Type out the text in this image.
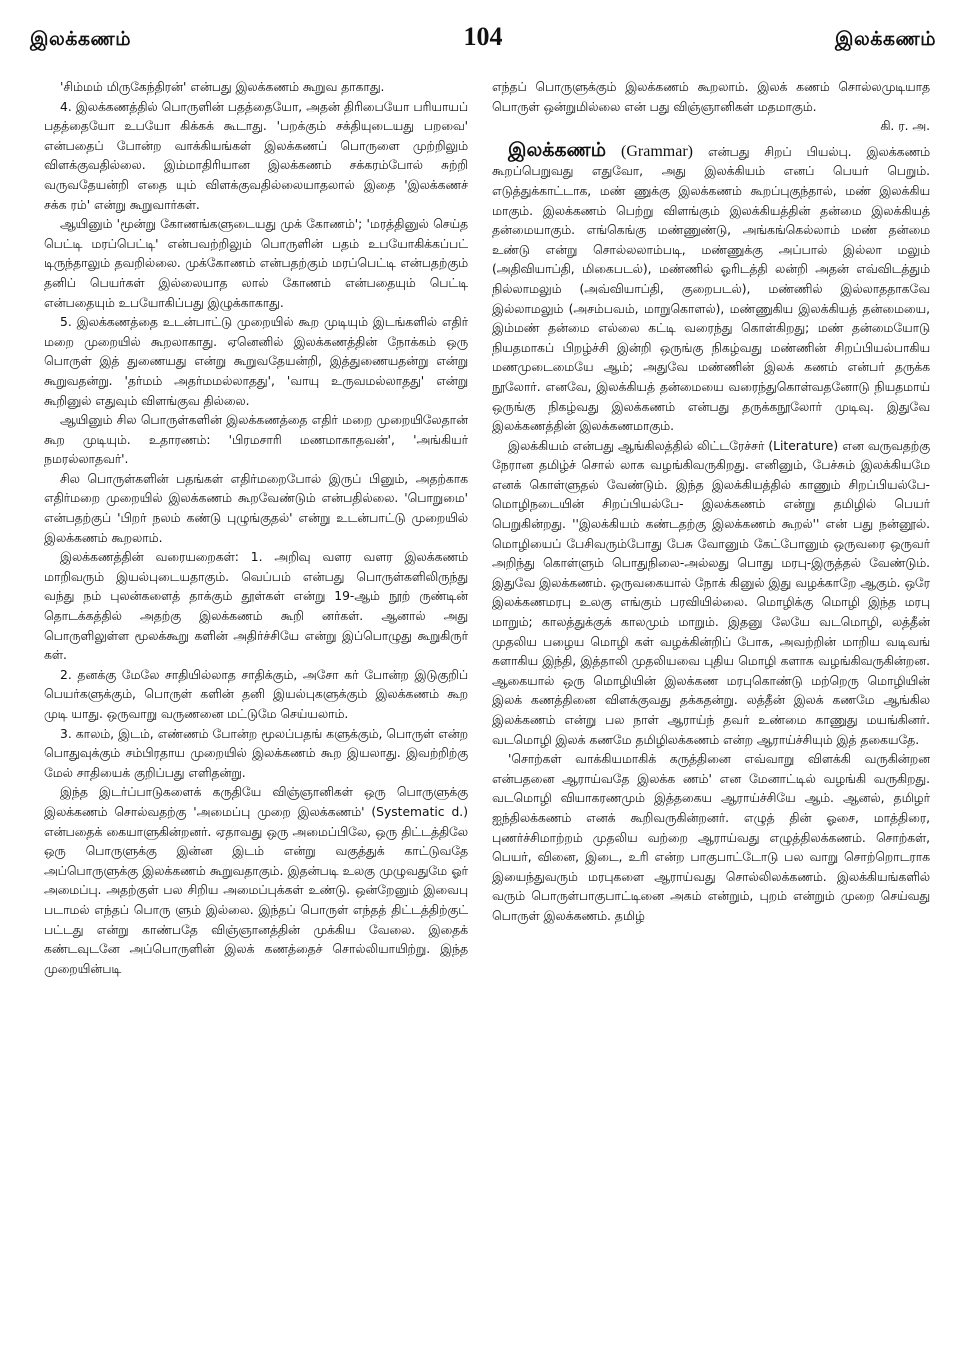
இலக்கணம்	104	இலக்கணம்

'சிம்மம் மிருகேந்திரன்' என்பது இலக்கணம் கூறுவ தாகாது.

4. இலக்கணத்தில் பொருளின் பதத்தையோ, அதன் திரிபையோ பரியாயப் பதத்தையோ உபயோ கிக்கக் கூடாது. 'பறக்கும் சக்தியுடையது பறவை' என்பதைப் போன்ற வாக்கியங்கள் இலக்கணப் பொருளை முற்றிலும் விளக்குவதில்லை. இம்மாதிரியான இலக்கணம் சக்கரம்போல் சுற்றி வருவதேயன்றி எதை யும் விளக்குவதில்லையாதலால் இதை 'இலக்கணச் சக்க ரம்' என்று கூறுவார்கள்.

ஆயினும் 'மூன்று கோணங்களுடையது முக் கோணம்'; 'மரத்தினுல் செய்த பெட்டி மரப்பெட்டி' என்பவற்றிலும் பொருளின் பதம் உபயோகிக்கப்பட் டிருந்தாலும் தவறில்லை. முக்கோணம் என்பதற்கும் மரப்பெட்டி என்பதற்கும் தனிப் பெயர்கள் இல்லையாத லால் கோணம் என்பதையும் பெட்டி என்பதையும் உபயோகிப்பது இழுக்காகாது.

5. இலக்கணத்தை உடன்பாட்டு முறையில் கூற முடியும் இடங்களில் எதிர் மறை முறையில் கூறலாகாது. ஏனெனில் இலக்கணத்தின் நோக்கம் ஒரு பொருள் இத் துணையது என்று கூறுவதேயன்றி, இத்துணையதன்று என்று கூறுவதன்று. 'தர்மம் அதர்மமல்லாதது', 'வாயு உருவமல்லாதது' என்று கூறினுல் எதுவும் விளங்குவ தில்லை.

ஆயினும் சில பொருள்களின் இலக்கணத்தை எதிர் மறை முறையிலேதான் கூற முடியும். உதாரணம்: 'பிரமசாரி மணமாகாதவன்', 'அங்கியர் நமரல்லாதவர்'.

சில பொருள்களின் பதங்கள் எதிர்மறைபோல் இருப் பினும், அதற்காக எதிர்மறை முறையில் இலக்கணம் கூறவேண்டும் என்பதில்லை. 'பொறுமை' என்பதற்குப் 'பிறர் நலம் கண்டு புழுங்குதல்' என்று உடன்பாட்டு முறையில் இலக்கணம் கூறலாம்.

இலக்கணத்தின் வரையறைகள்: 1. அறிவு வளர வளர இலக்கணம் மாறிவரும் இயல்புடையதாகும். வெப்பம் என்பது பொருள்களிலிருந்து வந்து நம் புலன்களைத் தாக்கும் தூள்கள் என்று 19-ஆம் நூற் ருண்டின் தொடக்கத்தில் அதற்கு இலக்கணம் கூறி னர்கள். ஆனால் அது பொருளிலுள்ள மூலக்கூறு களின் அதிர்ச்சியே என்று இப்பொழுது கூறுகிருர் கள்.

2. தனக்கு மேலே சாதியில்லாத சாதிக்கும், அசோ கர் போன்ற இடுகுறிப் பெயர்களுக்கும், பொருள் களின் தனி இயல்புகளுக்கும் இலக்கணம் கூற முடி யாது. ஒருவாறு வருணனை மட்டுமே செய்யலாம்.

3. காலம், இடம், எண்ணம் போன்ற மூலப்பதங் களுக்கும், பொருள் என்ற பொதுவுக்கும் சம்பிரதாய முறையில் இலக்கணம் கூற இயலாது. இவற்றிற்கு மேல் சாதியைக் குறிப்பது எளிதன்று.

இந்த இடர்ப்பாடுகளைக் கருதியே விஞ்ஞானிகள் ஒரு பொருளுக்கு இலக்கணம் சொல்வதற்கு 'அமைப்பு முறை இலக்கணம்' (Systematic d.) என்பதைக் கையாளுகின்றனர். ஏதாவது ஒரு அமைப்பிலே, ஒரு திட்டத்திலே ஒரு பொருளுக்கு இன்ன இடம் என்று வகுத்துக் காட்டுவதே அப்பொருளுக்கு இலக்கணம் கூறுவதாகும். இதன்படி உலகு முழுவதுமே ஓர் அமைப்பு. அதற்குள் பல சிறிய அமைப்புக்கள் உண்டு. ஒன்றேனும் இவைபு படாமல் எந்தப் பொரு ளும் இல்லை. இந்தப் பொருள் எந்தத் திட்டத்திற்குட் பட்டது என்று காண்பதே விஞ்ஞானத்தின் முக்கிய வேலை. இதைக் கண்டவுடனே அப்பொருளின் இலக் கணத்தைச் சொல்லியாயிற்று. இந்த முறையின்படி

எந்தப் பொருளுக்கும் இலக்கணம் கூறலாம். இலக் கணம் சொல்லமுடியாத பொருள் ஒன்றுமில்லை என் பது விஞ்ஞானிகள் மதமாகும்.

கி. ர. அ.

இலக்கணம் (Grammar) என்பது சிறப் பியல்பு. இலக்கணம் கூறப்பெறுவது எதுவோ, அது இலக்கியம் எனப் பெயர் பெறும். எடுத்துக்காட்டாக, மண் ணுக்கு இலக்கணம் கூறப்புகுந்தால், மண் இலக்கிய மாகும். இலக்கணம் பெற்று விளங்கும் இலக்கியத்தின் தன்மை இலக்கியத் தன்மையாகும். எங்கெங்கு மண்ணுண்டு, அங்கங்கெல்லாம் மண் தன்மை உண்டு என்று சொல்லலாம்படி, மண்ணுக்கு அப்பால் இல்லா மலும் (அதிவியாப்தி, மிகைபடல்), மண்ணில் ஓரிடத்தி லன்றி அதன் எவ்விடத்தும் நில்லாமலும் (அவ்வியாப்தி, குறைபடல்), மண்ணில் இல்லாததாகவே இல்லாமலும் (அசம்பவம், மாறுகொளல்), மண்ணுகிய இலக்கியத் தன்மையை, இம்மண் தன்மை எல்லை கட்டி வரைந்து கொள்கிறது; மண் தன்மையோடு நியதமாகப் பிறழ்ச்சி இன்றி ஒருங்கு நிகழ்வது மண்ணின் சிறப்பியல்பாகிய மணமுடைமையே ஆம்; அதுவே மண்ணின் இலக் கணம் என்பர் தருக்க நூலோர். எனவே, இலக்கியத் தன்மையை வரைந்துகொள்வதனோடு நியதமாய் ஒருங்கு நிகழ்வது இலக்கணம் என்பது தருக்கநூலோர் முடிவு. இதுவே இலக்கணத்தின் இலக்கணமாகும்.

இலக்கியம் என்பது ஆங்கிலத்தில் லிட்டரேச்சர் (Literature) என வருவதற்கு நேரான தமிழ்ச் சொல் லாக வழங்கிவருகிறது. எனினும், பேச்சும் இலக்கியமே எனக் கொள்ளுதல் வேண்டும். இந்த இலக்கியத்தில் காணும் சிறப்பியல்பே-மொழிநடையின் சிறப்பியல்பே- இலக்கணம் என்று தமிழில் பெயர் பெறுகின்றது. ''இலக்கியம் கண்டதற்கு இலக்கணம் கூறல்'' என் பது நன்னூல். மொழியைப் பேசிவரும்போது பேசு வோனும் கேட்போனும் ஒருவரை ஒருவர் அறிந்து கொள்ளும் பொதுநிலை-அல்லது பொது மரபு-இருத்தல் வேண்டும். இதுவே இலக்கணம். ஒருவகையால் நோக் கினுல் இது வழக்காறே ஆகும். ஒரே இலக்கணமரபு உலகு எங்கும் பரவியில்லை. மொழிக்கு மொழி இந்த மரபு மாறும்; காலத்துக்குக் காலமும் மாறும். இதனு லேயே வடமொழி, லத்தீன் முதலிய பழைய மொழி கள் வழக்கின்றிப் போக, அவற்றின் மாறிய வடிவங் களாகிய இந்தி, இத்தாலி முதலியவை புதிய மொழி களாக வழங்கிவருகின்றன. ஆகையால் ஒரு மொழியின் இலக்கண மரபுகொண்டு மற்றெரு மொழியின் இலக் கணத்தினை விளக்குவது தக்கதன்று. லத்தீன் இலக் கணமே ஆங்கில இலக்கணம் என்று பல நாள் ஆராய்ந் தவர் உண்மை காணுது மயங்கினர். வடமொழி இலக் கணமே தமிழிலக்கணம் என்ற ஆராய்ச்சியும் இத் தகையதே.

'சொற்கள் வாக்கியமாகிக் கருத்தினை எவ்வாறு விளக்கி வருகின்றன என்பதனை ஆராய்வதே இலக்க ணம்' என மேனாட்டில் வழங்கி வருகிறது. வடமொழி வியாகரணமும் இத்தகைய ஆராய்ச்சியே ஆம். ஆனல், தமிழர் ஐந்திலக்கணம் எனக் கூறிவருகின்றனர். எழுத் தின் ஓசை, மாத்திரை, புணர்ச்சிமாற்றம் முதலிய வற்றை ஆராய்வது எழுத்திலக்கணம். சொற்கள், பெயர், வினை, இடை, உரி என்ற பாகுபாட்டோடு பல வாறு சொற்றொடராக இயைந்துவரும் மரபுகளை ஆராய்வது சொல்லிலக்கணம். இலக்கியங்களில் வரும் பொருள்பாகுபாட்டினை அகம் என்றும், புறம் என்றும் முறை செய்வது பொருள் இலக்கணம். தமிழ்
